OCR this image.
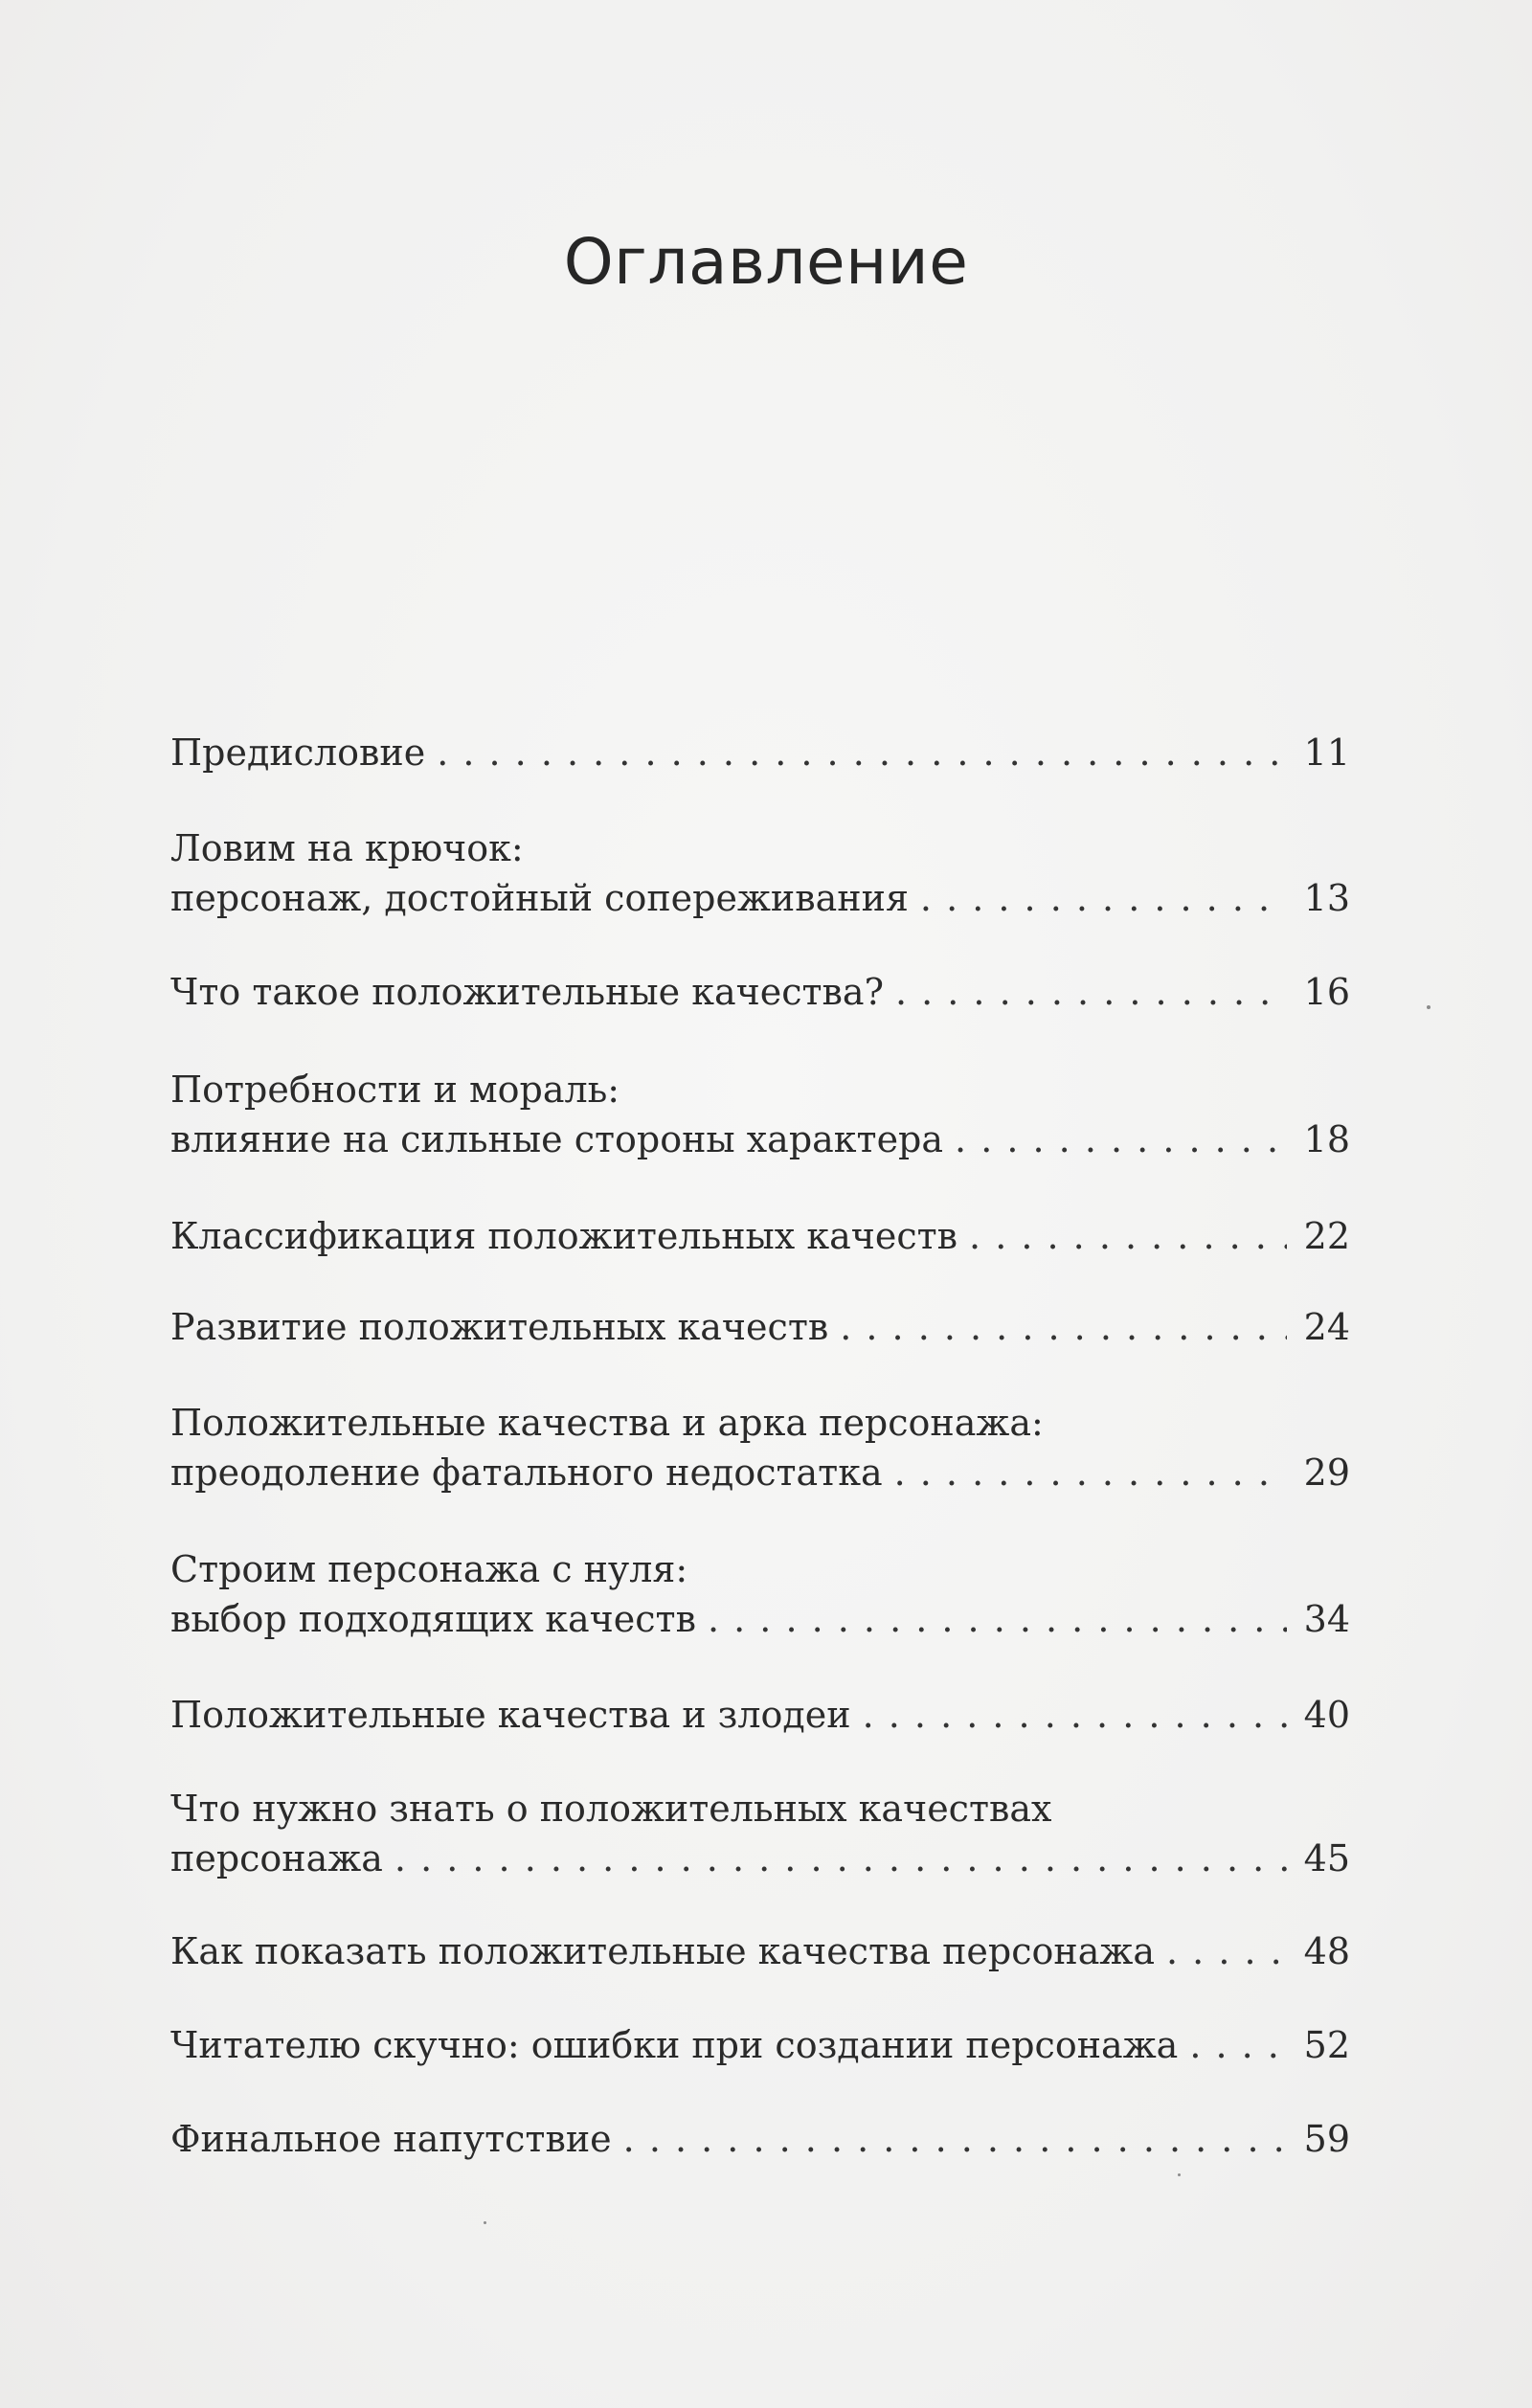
Оглавление
Предисловие . . .	11
Ловим на крючок:
персонаж, достойный сопереживания . . .	13
Что такое положительные качества? . . .	16
Потребности и мораль:
влияние на сильные стороны характера . . .	18
Классификация положительных качеств . . .	22
Развитие положительных качеств . . .	24
Положительные качества и арка персонажа:
преодоление фатального недостатка . . .	29
Строим персонажа с нуля:
выбор подходящих качеств . . .	34
Положительные качества и злодеи . . .	40
Что нужно знать о положительных качествах
персонажа . . .	45
Как показать положительные качества персонажа . . .	48
Читателю скучно: ошибки при создании персонажа . . .	52
Финальное напутствие . . .	59
